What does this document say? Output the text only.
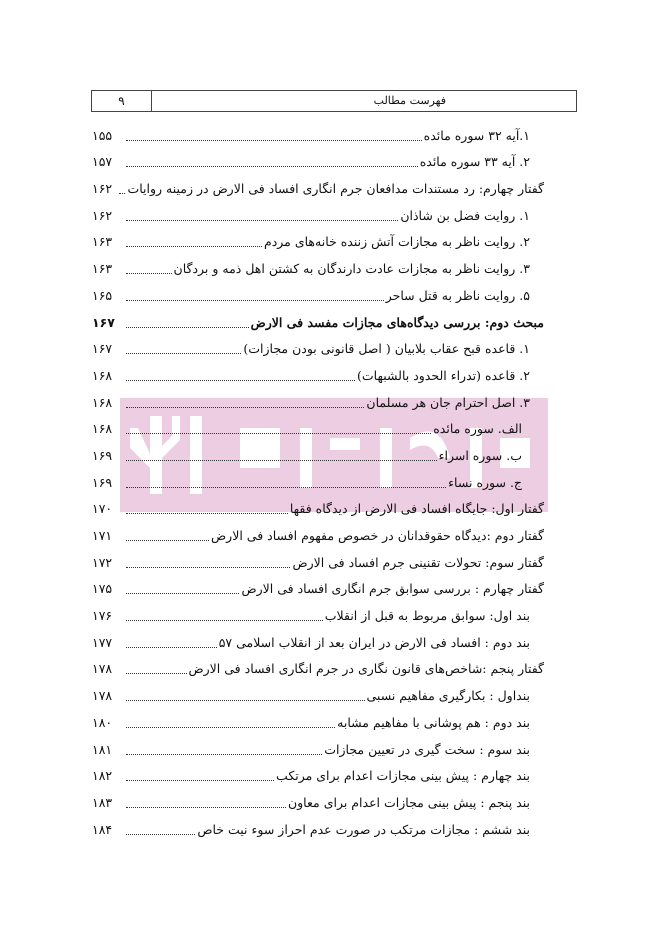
۹	فهرست مطالب
۱.آیه ۳۲ سوره مائده
۱۵۵
۲. آیه ۳۳ سوره مائده
۱۵۷
گفتار چهارم: رد مستندات مدافعان جرم انگاری افساد فی الارض در زمینه روایات
۱۶۲
۱. روایت فضل بن شاذان
۱۶۲
۲. روایت ناظر به مجازات آتش زننده خانه‌های مردم
۱۶۳
۳. روایت ناظر به مجازات عادت دارندگان به کشتن اهل ذمه و بردگان
۱۶۳
۵. روایت ناظر به قتل ساحر
۱۶۵
مبحث دوم: بررسی دیدگاه‌های مجازات مفسد فی الارض
۱۶۷
۱. قاعده قبح عقاب بلابیان ( اصل قانونی بودن مجازات)
۱۶۷
۲. قاعده (تدراء الحدود بالشبهات)
۱۶۸
۳. اصل احترام جان هر مسلمان
۱۶۸
الف. سوره مائده
۱۶۸
ب. سوره اسراء
۱۶۹
ج. سوره نساء
۱۶۹
گفتار اول: جایگاه افساد فی الارض از دیدگاه فقها
۱۷۰
گفتار دوم :دیدگاه حقوقدانان در خصوص مفهوم افساد فی الارض
۱۷۱
گفتار سوم: تحولات تقنینی جرم افساد فی الارض
۱۷۲
گفتار چهارم : بررسی سوابق جرم انگاری افساد فی الارض
۱۷۵
بند اول: سوابق مربوط به قبل از انقلاب
۱۷۶
بند دوم : افساد فی الارض در ایران بعد از انقلاب اسلامی ۵۷
۱۷۷
گفتار پنجم :شاخص‌های قانون نگاری در جرم انگاری افساد فی الارض
۱۷۸
بنداول : بکارگیری مفاهیم نسبی
۱۷۸
بند دوم : هم پوشانی با مفاهیم مشابه
۱۸۰
بند سوم : سخت گیری در تعیین مجازات
۱۸۱
بند چهارم : پیش بینی مجازات اعدام برای مرتکب
۱۸۲
بند پنجم : پیش بینی مجازات اعدام برای معاون
۱۸۳
بند ششم : مجازات مرتکب در صورت عدم احراز سوء نیت خاص
۱۸۴
